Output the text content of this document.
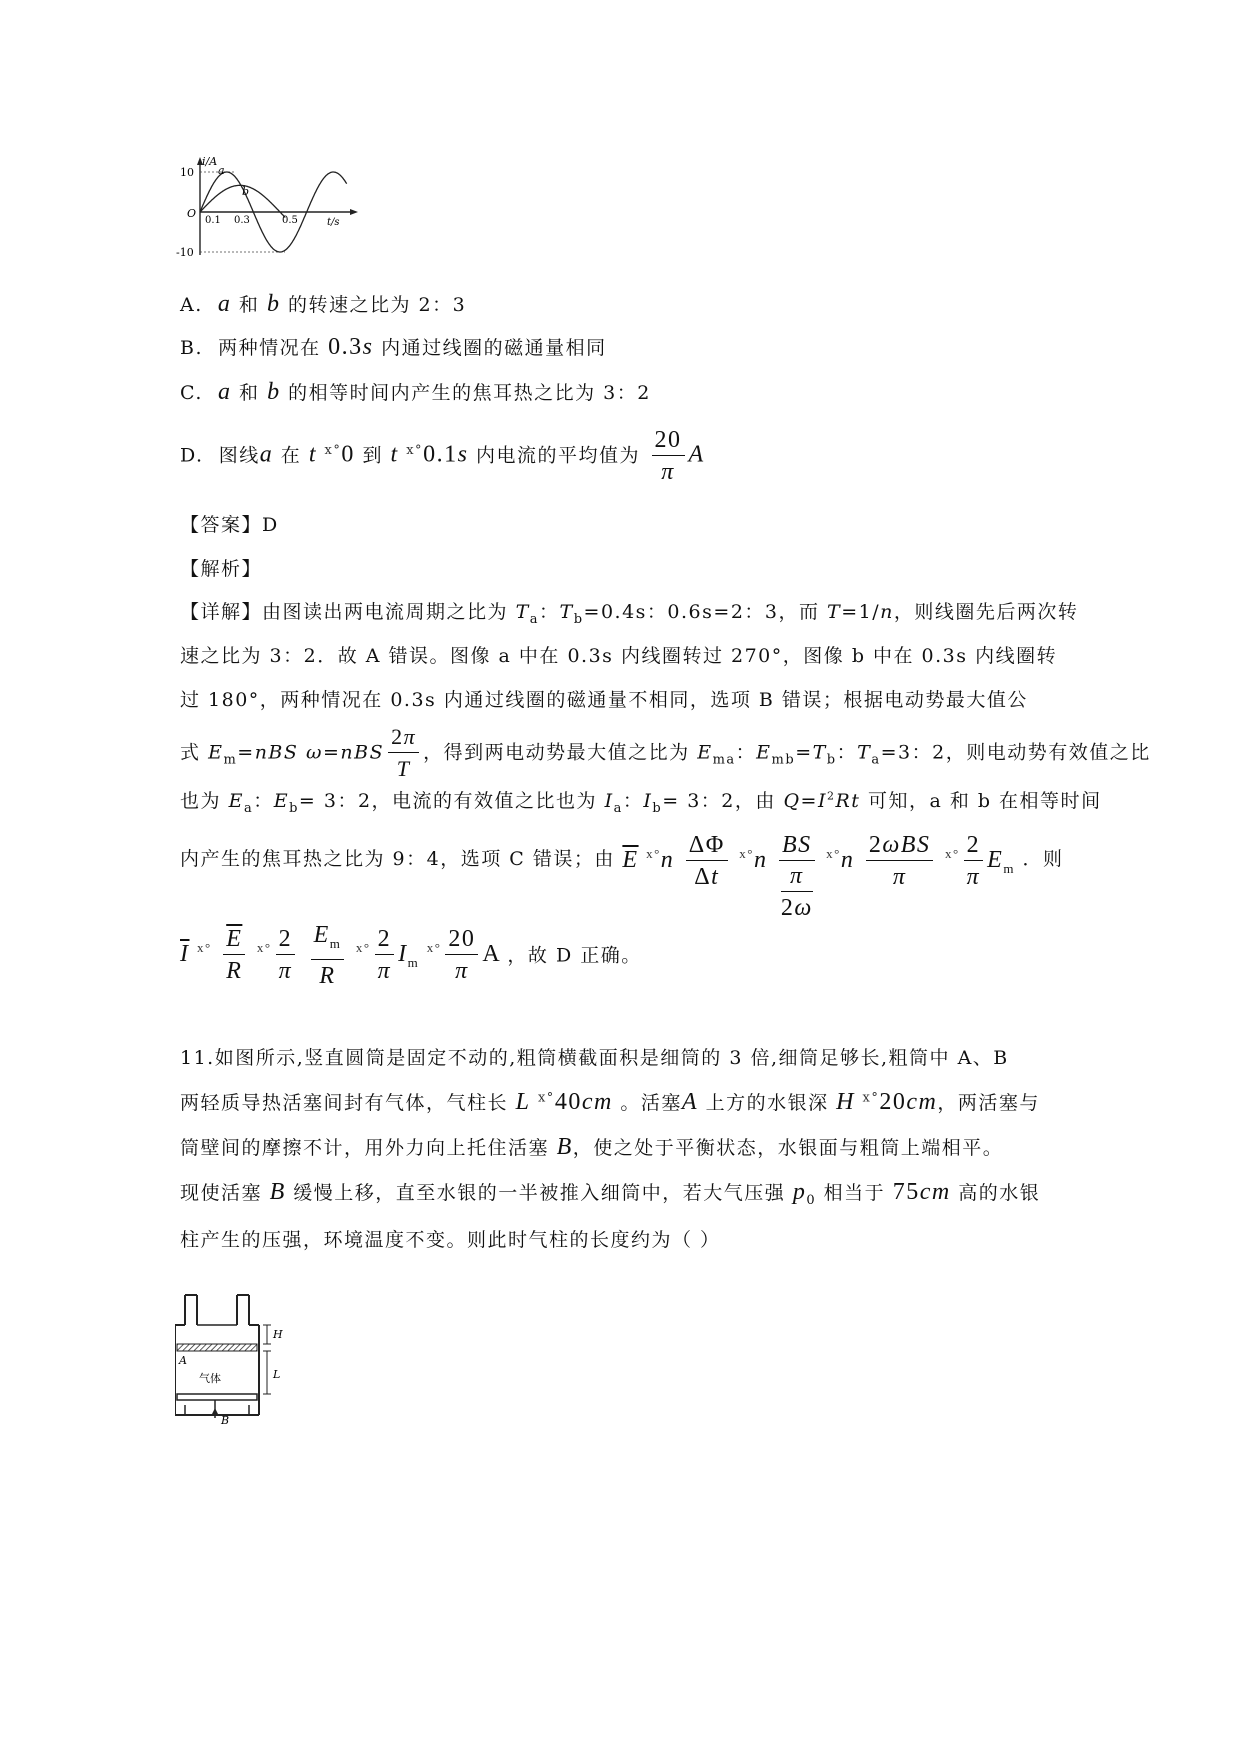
i/A
t/s
10
-10
O
0.1 0.3	0.5
a
b
A. a 和 b 的转速之比为 2：3
B. 两种情况在 0.3s 内通过线圈的磁通量相同
C. a 和 b 的相等时间内产生的焦耳热之比为 3：2
D. 图线a 在 t $^{x^\circ}$0 到 t $^{x^\circ}$0.1s 内电流的平均值为 $\frac{20}{\pi}$ A
【答案】D
【解析】
【详解】由图读出两电流周期之比为 $T_a$：$T_b=0.4s$：0.6s=2：3，而 T=1/n，则线圈先后两次转
速之比为 3：2．故 A 错误。图像 a 中在 0.3s 内线圈转过 270°，图像 b 中在 0.3s 内线圈转
过 180°，两种情况在 0.3s 内通过线圈的磁通量不相同，选项 B 错误；根据电动势最大值公
式 $E_m=nBS$ $\omega=nBS \frac{2\pi}{T}$ ，得到两电动势最大值之比为 $E_{ma}$：$E_{mb}=T_b$：$T_a=3$：2，则电动势有效值之比
也为 $E_a$：$E_b= 3$：2，电流的有效值之比也为 $I_a$：$I_b= 3$：2，由 $Q=I^2Rt$ 可知，a 和 b 在相等时间
内产生的焦耳热之比为 9：4，选项 C 错误；由 $\overline{E}$ $^{x^\circ}n \frac{\Delta\Phi}{\Delta t} ^{x^\circ}n \frac{BS}{\frac{\pi}{2\omega}} ^{x^\circ}n \frac{\text{2ωBS}}{\pi} ^{x^\circ} \frac{2}{\pi} E_m$ ．则
$\overline{I}$ $^{x^\circ} \frac{\overline{E}}{R} ^{x^\circ} \frac{2}{\pi}$
$\frac{E_m}{R} ^{x^\circ} \frac{2}{\pi} I_m$ $^{x^\circ} \frac{20}{\pi}$ A ，故 D 正确。
11.如图所示,竖直圆筒是固定不动的,粗筒横截面积是细筒的 3 倍,细筒足够长,粗筒中 A、B
两轻质导热活塞间封有气体，气柱长 L $^{x^\circ}$40cm 。活塞A 上方的水银深 H $^{x^\circ}$20cm，两活塞与
筒壁间的摩擦不计，用外力向上托住活塞 B，使之处于平衡状态，水银面与粗筒上端相平。
现使活塞 B 缓慢上移，直至水银的一半被推入细筒中，若大气压强 $p_0$ 相当于 75cm 高的水银
柱产生的压强，环境温度不变。则此时气柱的长度约为（ ）
H
L
A
B
气体
